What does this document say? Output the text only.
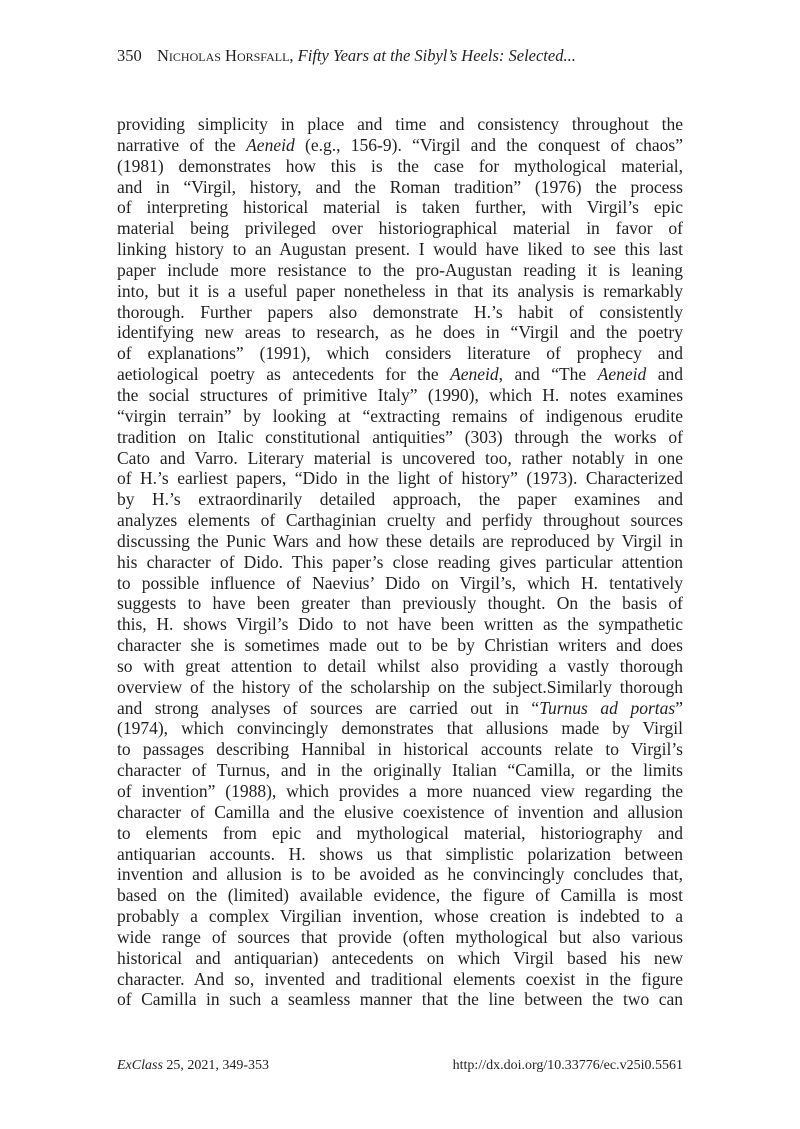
350 Nicholas Horsfall, Fifty Years at the Sibyl’s Heels: Selected...
providing simplicity in place and time and consistency throughout the
narrative of the Aeneid (e.g., 156-9). “Virgil and the conquest of chaos”
(1981) demonstrates how this is the case for mythological material,
and in “Virgil, history, and the Roman tradition” (1976) the process
of interpreting historical material is taken further, with Virgil’s epic
material being privileged over historiographical material in favor of
linking history to an Augustan present. I would have liked to see this last
paper include more resistance to the pro-Augustan reading it is leaning
into, but it is a useful paper nonetheless in that its analysis is remarkably
thorough. Further papers also demonstrate H.’s habit of consistently
identifying new areas to research, as he does in “Virgil and the poetry
of explanations” (1991), which considers literature of prophecy and
aetiological poetry as antecedents for the Aeneid, and “The Aeneid and
the social structures of primitive Italy” (1990), which H. notes examines
“virgin terrain” by looking at “extracting remains of indigenous erudite
tradition on Italic constitutional antiquities” (303) through the works of
Cato and Varro. Literary material is uncovered too, rather notably in one
of H.’s earliest papers, “Dido in the light of history” (1973). Characterized
by H.’s extraordinarily detailed approach, the paper examines and
analyzes elements of Carthaginian cruelty and perfidy throughout sources
discussing the Punic Wars and how these details are reproduced by Virgil in
his character of Dido. This paper’s close reading gives particular attention
to possible influence of Naevius’ Dido on Virgil’s, which H. tentatively
suggests to have been greater than previously thought. On the basis of
this, H. shows Virgil’s Dido to not have been written as the sympathetic
character she is sometimes made out to be by Christian writers and does
so with great attention to detail whilst also providing a vastly thorough
overview of the history of the scholarship on the subject.Similarly thorough
and strong analyses of sources are carried out in “Turnus ad portas”
(1974), which convincingly demonstrates that allusions made by Virgil
to passages describing Hannibal in historical accounts relate to Virgil’s
character of Turnus, and in the originally Italian “Camilla, or the limits
of invention” (1988), which provides a more nuanced view regarding the
character of Camilla and the elusive coexistence of invention and allusion
to elements from epic and mythological material, historiography and
antiquarian accounts. H. shows us that simplistic polarization between
invention and allusion is to be avoided as he convincingly concludes that,
based on the (limited) available evidence, the figure of Camilla is most
probably a complex Virgilian invention, whose creation is indebted to a
wide range of sources that provide (often mythological but also various
historical and antiquarian) antecedents on which Virgil based his new
character. And so, invented and traditional elements coexist in the figure
of Camilla in such a seamless manner that the line between the two can
ExClass 25, 2021, 349-353	http://dx.doi.org/10.33776/ec.v25i0.5561
